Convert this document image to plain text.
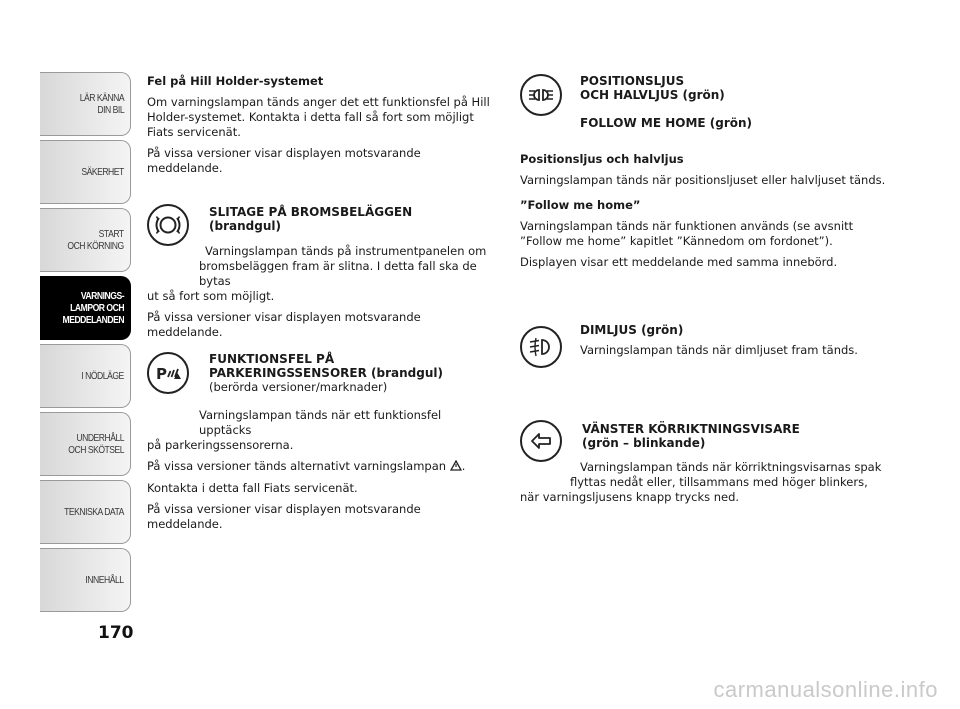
LÄR KÄNNA
DIN BIL
SÄKERHET
START
OCH KÖRNING
VARNINGS-
LAMPOR OCH
MEDDELANDEN
I NÖDLÄGE
UNDERHÅLL
OCH SKÖTSEL
TEKNISKA DATA
INNEHÅLL
170

Fel på Hill Holder-systemet

Om varningslampan tänds anger det ett funktionsfel på Hill Holder-systemet. Kontakta i detta fall så fort som möjligt Fiats servicenät.

På vissa versioner visar displayen motsvarande meddelande.

SLITAGE PÅ BROMSBELÄGGEN
(brandgul)
Varningslampan tänds på instrumentpanelen om
bromsbeläggen fram är slitna. I detta fall ska de bytas
ut så fort som möjligt.
På vissa versioner visar displayen motsvarande meddelande.
P
FUNKTIONSFEL PÅ
PARKERINGSSENSORER (brandgul)
(berörda versioner/marknader)
Varningslampan tänds när ett funktionsfel upptäcks
på parkeringssensorerna.

På vissa versioner tänds alternativt varningslampan .

Kontakta i detta fall Fiats servicenät.

På vissa versioner visar displayen motsvarande meddelande.

POSITIONSLJUS
OCH HALVLJUS (grön)
FOLLOW ME HOME (grön)

Positionsljus och halvljus

Varningslampan tänds när positionsljuset eller halvljuset tänds.

”Follow me home”

Varningslampan tänds när funktionen används (se avsnitt ”Follow me home” kapitlet ”Kännedom om fordonet”).

Displayen visar ett meddelande med samma innebörd.

DIMLJUS (grön)

Varningslampan tänds när dimljuset fram tänds.
VÄNSTER KÖRRIKTNINGSVISARE
(grön – blinkande)
Varningslampan tänds när körriktningsvisarnas spak
flyttas nedåt eller, tillsammans med höger blinkers,
när varningsljusens knapp trycks ned.
carmanualsonline.info
